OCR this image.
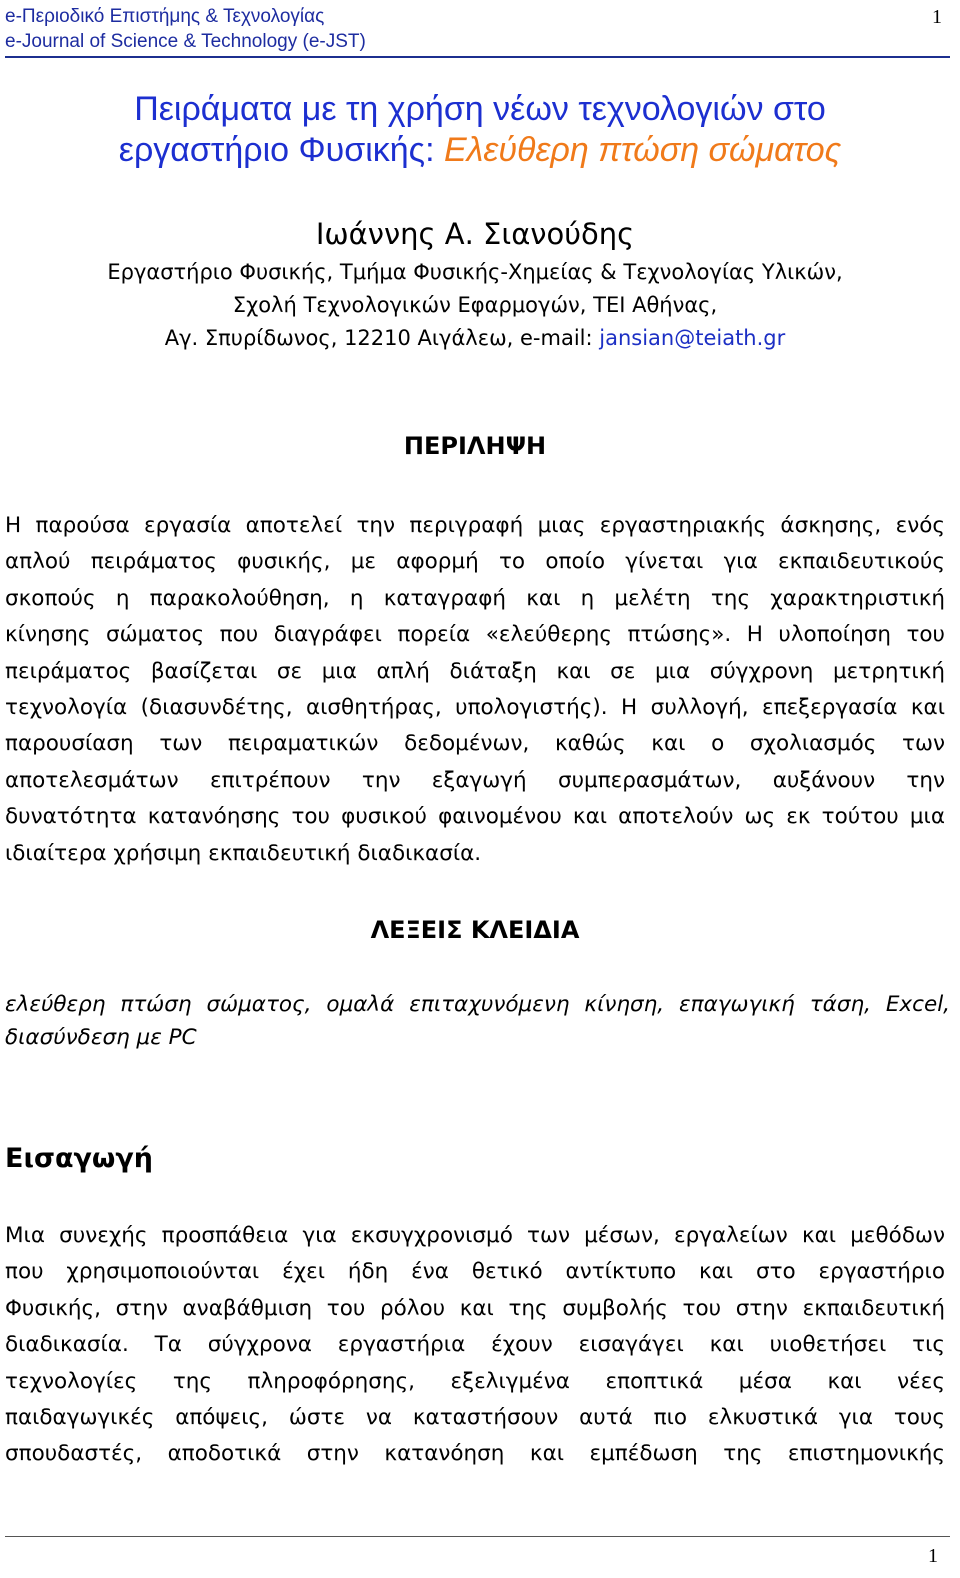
e-Περιοδικό Επιστήμης & Τεχνολογίας
e-Journal of Science & Technology (e-JST)
1
Πειράματα με τη χρήση νέων τεχνολογιών στο
εργαστήριο Φυσικής: Ελεύθερη πτώση σώματος
Ιωάννης Α. Σιανούδης
Εργαστήριο Φυσικής, Τμήμα Φυσικής-Χημείας & Τεχνολογίας Υλικών,
Σχολή Τεχνολογικών Εφαρμογών, ΤΕΙ Αθήνας,
Αγ. Σπυρίδωνος, 12210 Αιγάλεω, e-mail: jansian@teiath.gr
ΠΕΡΙΛΗΨΗ
Η παρούσα εργασία αποτελεί την περιγραφή μιας εργαστηριακής άσκησης, ενός
απλού πειράματος φυσικής, με αφορμή το οποίο γίνεται για εκπαιδευτικούς
σκοπούς η παρακολούθηση, η καταγραφή και η μελέτη της χαρακτηριστική
κίνησης σώματος που διαγράφει πορεία «ελεύθερης πτώσης». Η υλοποίηση του
πειράματος βασίζεται σε μια απλή διάταξη και σε μια σύγχρονη μετρητική
τεχνολογία (διασυνδέτης, αισθητήρας, υπολογιστής). Η συλλογή, επεξεργασία και
παρουσίαση των πειραματικών δεδομένων, καθώς και ο σχολιασμός των
αποτελεσμάτων επιτρέπουν την εξαγωγή συμπερασμάτων, αυξάνουν την
δυνατότητα κατανόησης του φυσικού φαινομένου και αποτελούν ως εκ τούτου μια
ιδιαίτερα χρήσιμη εκπαιδευτική διαδικασία.
ΛΕΞΕΙΣ ΚΛΕΙΔΙΑ
ελεύθερη πτώση σώματος, ομαλά επιταχυνόμενη κίνηση, επαγωγική τάση, Excel,
διασύνδεση με PC
Εισαγωγή
Μια συνεχής προσπάθεια για εκσυγχρονισμό των μέσων, εργαλείων και μεθόδων
που χρησιμοποιούνται έχει ήδη ένα θετικό αντίκτυπο και στο εργαστήριο
Φυσικής, στην αναβάθμιση του ρόλου και της συμβολής του στην εκπαιδευτική
διαδικασία. Τα σύγχρονα εργαστήρια έχουν εισαγάγει και υιοθετήσει τις
τεχνολογίες της πληροφόρησης, εξελιγμένα εποπτικά μέσα και νέες
παιδαγωγικές απόψεις, ώστε να καταστήσουν αυτά πιο ελκυστικά για τους
σπουδαστές, αποδοτικά στην κατανόηση και εμπέδωση της επιστημονικής
1
